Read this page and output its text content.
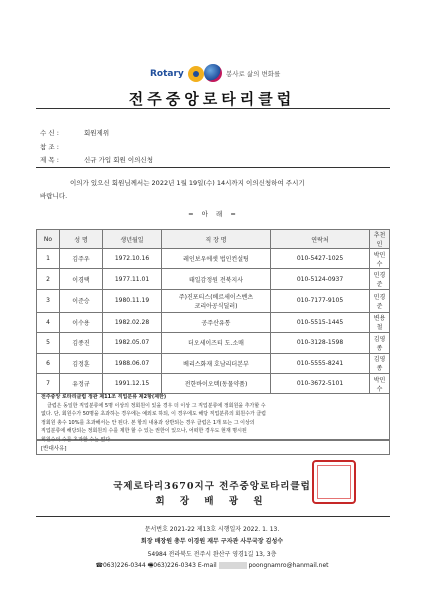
Rotary	봉사로 삶의 변화를
전주중앙로타리클럽
수 신 :	회원제위
참 조 :
제 목 :	신규 가입 회원 이의신청
이의가 있으신 회원님께서는 2022년 1월 19일(수) 14시까지 이의신청하여 주시기
바랍니다.
= 아 래 =
No	성 명	생년월일	직 장 명	연락처	추천인
1	김주우	1972.10.16	레인보우에셋 법인컨설팅	010-5427-1025	박민수
2	이경택	1977.11.01	태일감정원 전북지사	010-5124-0937	민경준
3	이준승	1980.11.19	주)진포티스(베르세이스벤츠
코리아공식딜러)	010-7177-9105	민경준
4	이수용	1982.02.28	공주산유통	010-5515-1445	변용철
5	김종진	1982.05.07	더오세이즈티 도.소매	010-3128-1598	김영종
6	김정훈	1988.06.07	베리스화재 호남리더본부	010-5555-8241	김영종
7	유정규	1991.12.15	전한바이오텍(동물약품)	010-3672-5101	박민수
전주중앙 로타리클럽 정관 제11조 직업분류 제2항(제한)
클럽은 동일한 직업분류에 5명 이상의 정회원이 있을 경우 더 이상 그 직업분류에 정회원을 추가할 수
없다. 단, 회원수가 50명을 초과하는 경우에는 예외로 하되, 이 경우에도 해당 직업분류의 회원수가 클럽
정회원 총수 10%를 초과해서는 안 된다. 본 항의 내용과 상반되는 경우 클럽은 1개 또는 그 이상의
직업분류에 해당되는 정회원의 수를 제한 할 수 있는 권한이 있으나, 어떠한 경우도 현재 명시된
회원수의 수를 초과할 수는 없다.
[반대사유]
국제로타리3670지구 전주중앙로타리클럽
회 장 배 광 원
문서번호 2021-22 제13호 시행일자 2022. 1. 13.
회장 배장원 총무 이경원 재무 구자관 사무국장 김성수
54984 전라북도 전주시 완산구 영경1길 13, 3층
☎063)226-0344 🖷063)226-0343 E-mail	poongnamro@hanmail.net
